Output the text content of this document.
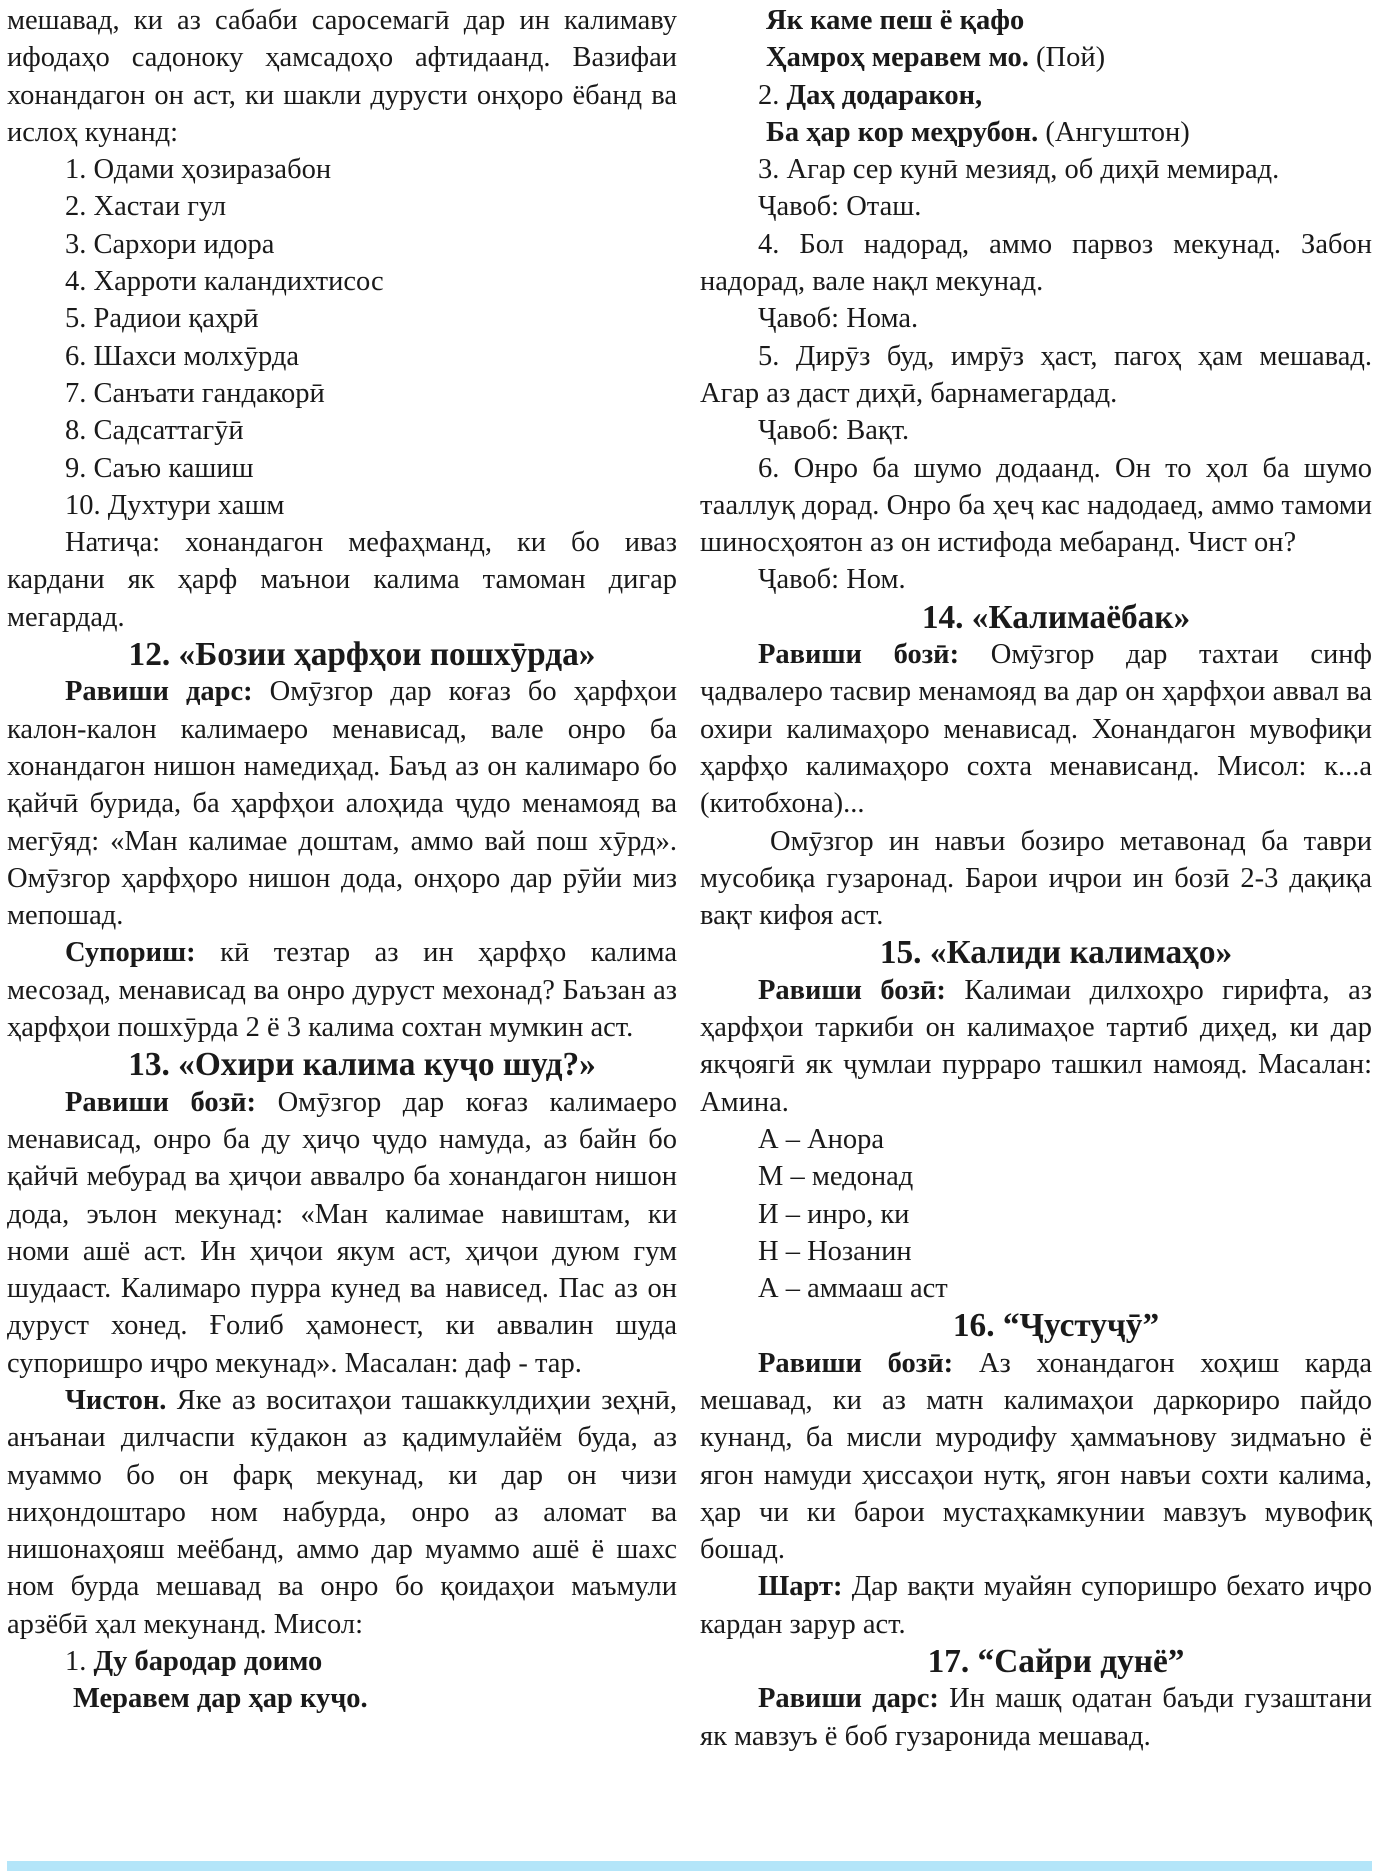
мешавад, ки аз сабаби саросемагӣ дар ин калимаву ифодаҳо садоноку ҳамсадоҳо афтидаанд. Вазифаи хонандагон он аст, ки шакли дурусти онҳоро ёбанд ва ислоҳ кунанд:

1. Одами ҳозиразабон

2. Хастаи гул

3. Сархори идора

4. Харроти каландихтисос

5. Радиои қаҳрӣ

6. Шахси молхӯрда

7. Санъати гандакорӣ

8. Садсаттагӯӣ

9. Саъю кашиш

10. Духтури хашм

Натиҷа: хонандагон мефаҳманд, ки бо иваз кардани як ҳарф маънои калима тамоман дигар мегардад.

12. «Бозии ҳарфҳои пошхӯрда»

Равиши дарс: Омӯзгор дар коғаз бо ҳарфҳои калон-калон калимаеро менависад, вале онро ба хонандагон нишон намедиҳад. Баъд аз он калимаро бо қайчӣ бурида, ба ҳарфҳои алоҳида ҷудо менамояд ва мегӯяд: «Ман калимае доштам, аммо вай пош хӯрд». Омӯзгор ҳарфҳоро нишон дода, онҳоро дар рӯйи миз мепошад.

Супориш: кӣ тезтар аз ин ҳарфҳо калима месозад, менависад ва онро дуруст мехонад? Баъзан аз ҳарфҳои пошхӯрда 2 ё 3 калима сохтан мумкин аст.

13. «Охири калима куҷо шуд?»

Равиши бозӣ: Омӯзгор дар коғаз калимаеро менависад, онро ба ду ҳиҷо ҷудо намуда, аз байн бо қайчӣ мебурад ва ҳиҷои аввалро ба хонандагон нишон дода, эълон мекунад: «Ман калимае навиштам, ки номи ашё аст. Ин ҳиҷои якум аст, ҳиҷои дуюм гум шудааст. Калимаро пурра кунед ва нависед. Пас аз он дуруст хонед. Ғолиб ҳамонест, ки аввалин шуда супоришро иҷро мекунад». Масалан: даф - тар.

Чистон. Яке аз воситаҳои ташаккулдиҳии зеҳнӣ, анъанаи дилчаспи кӯдакон аз қадимулайём буда, аз муаммо бо он фарқ мекунад, ки дар он чизи ниҳондоштаро ном набурда, онро аз аломат ва нишонаҳояш меёбанд, аммо дар муаммо ашё ё шахс ном бурда мешавад ва онро бо қоидаҳои маъмули арзёбӣ ҳал мекунанд. Мисол:

1. Ду бародар доимо

Меравем дар ҳар куҷо.

Як каме пеш ё қафо

Ҳамроҳ меравем мо. (Пой)

2. Даҳ додаракон,

Ба ҳар кор меҳрубон. (Ангуштон)

3. Агар сер кунӣ мезияд, об диҳӣ мемирад.

Ҷавоб: Оташ.

4. Бол надорад, аммо парвоз мекунад. Забон надорад, вале нақл мекунад.

Ҷавоб: Нома.

5. Дирӯз буд, имрӯз ҳаст, пагоҳ ҳам мешавад. Агар аз даст диҳӣ, барнамегардад.

Ҷавоб: Вақт.

6. Онро ба шумо додаанд. Он то ҳол ба шумо тааллуқ дорад. Онро ба ҳеҷ кас надодаед, аммо тамоми шиносҳоятон аз он истифода мебаранд. Чист он?

Ҷавоб: Ном.

14. «Калимаёбак»

Равиши бозӣ: Омӯзгор дар тахтаи синф ҷадвалеро тасвир менамояд ва дар он ҳарфҳои аввал ва охири калимаҳоро менависад. Хонандагон мувофиқи ҳарфҳо калимаҳоро сохта менависанд. Мисол: к...а (китобхона)...

Омӯзгор ин навъи бозиро метавонад ба таври мусобиқа гузаронад. Барои иҷрои ин бозӣ 2-3 дақиқа вақт кифоя аст.

15. «Калиди калимаҳо»

Равиши бозӣ: Калимаи дилхоҳро гирифта, аз ҳарфҳои таркиби он калимаҳое тартиб диҳед, ки дар якҷоягӣ як ҷумлаи пурраро ташкил намояд. Масалан: Амина.

А – Анора

М – медонад

И – инро, ки

Н – Нозанин

А – аммааш аст

16. “Ҷустуҷӯ”

Равиши бозӣ: Аз хонандагон хоҳиш карда мешавад, ки аз матн калимаҳои даркориро пайдо кунанд, ба мисли муродифу ҳаммаънову зидмаъно ё ягон намуди ҳиссаҳои нутқ, ягон навъи сохти калима, ҳар чи ки барои мустаҳкамкунии мавзуъ мувофиқ бошад.

Шарт: Дар вақти муайян супоришро бехато иҷро кардан зарур аст.

17. “Сайри дунё”

Равиши дарс: Ин машқ одатан баъди гузаштани як мавзуъ ё боб гузаронида мешавад.
